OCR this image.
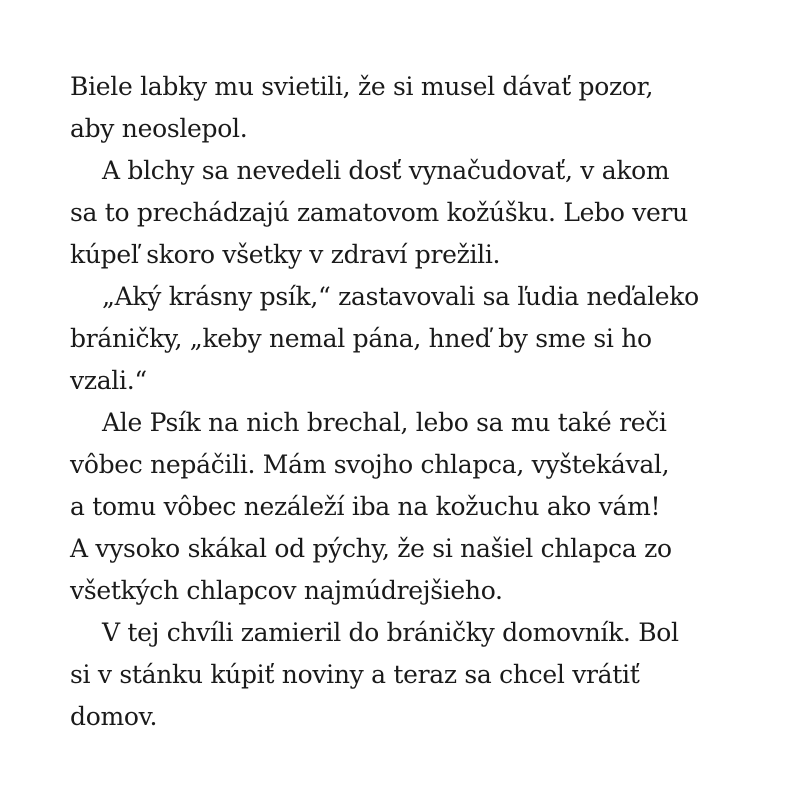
Biele labky mu svietili, že si musel dávať pozor,
aby neoslepol.
A blchy sa nevedeli dosť vynačudovať, v akom
sa to prechádzajú zamatovom kožúšku. Lebo veru
kúpeľ skoro všetky v zdraví prežili.
„Aký krásny psík,“ zastavovali sa ľudia neďaleko
bráničky, „keby nemal pána, hneď by sme si ho
vzali.“
Ale Psík na nich brechal, lebo sa mu také reči
vôbec nepáčili. Mám svojho chlapca, vyštekával,
a tomu vôbec nezáleží iba na kožuchu ako vám!
A vysoko skákal od pýchy, že si našiel chlapca zo
všetkých chlapcov najmúdrejšieho.
V tej chvíli zamieril do bráničky domovník. Bol
si v stánku kúpiť noviny a teraz sa chcel vrátiť
domov.
